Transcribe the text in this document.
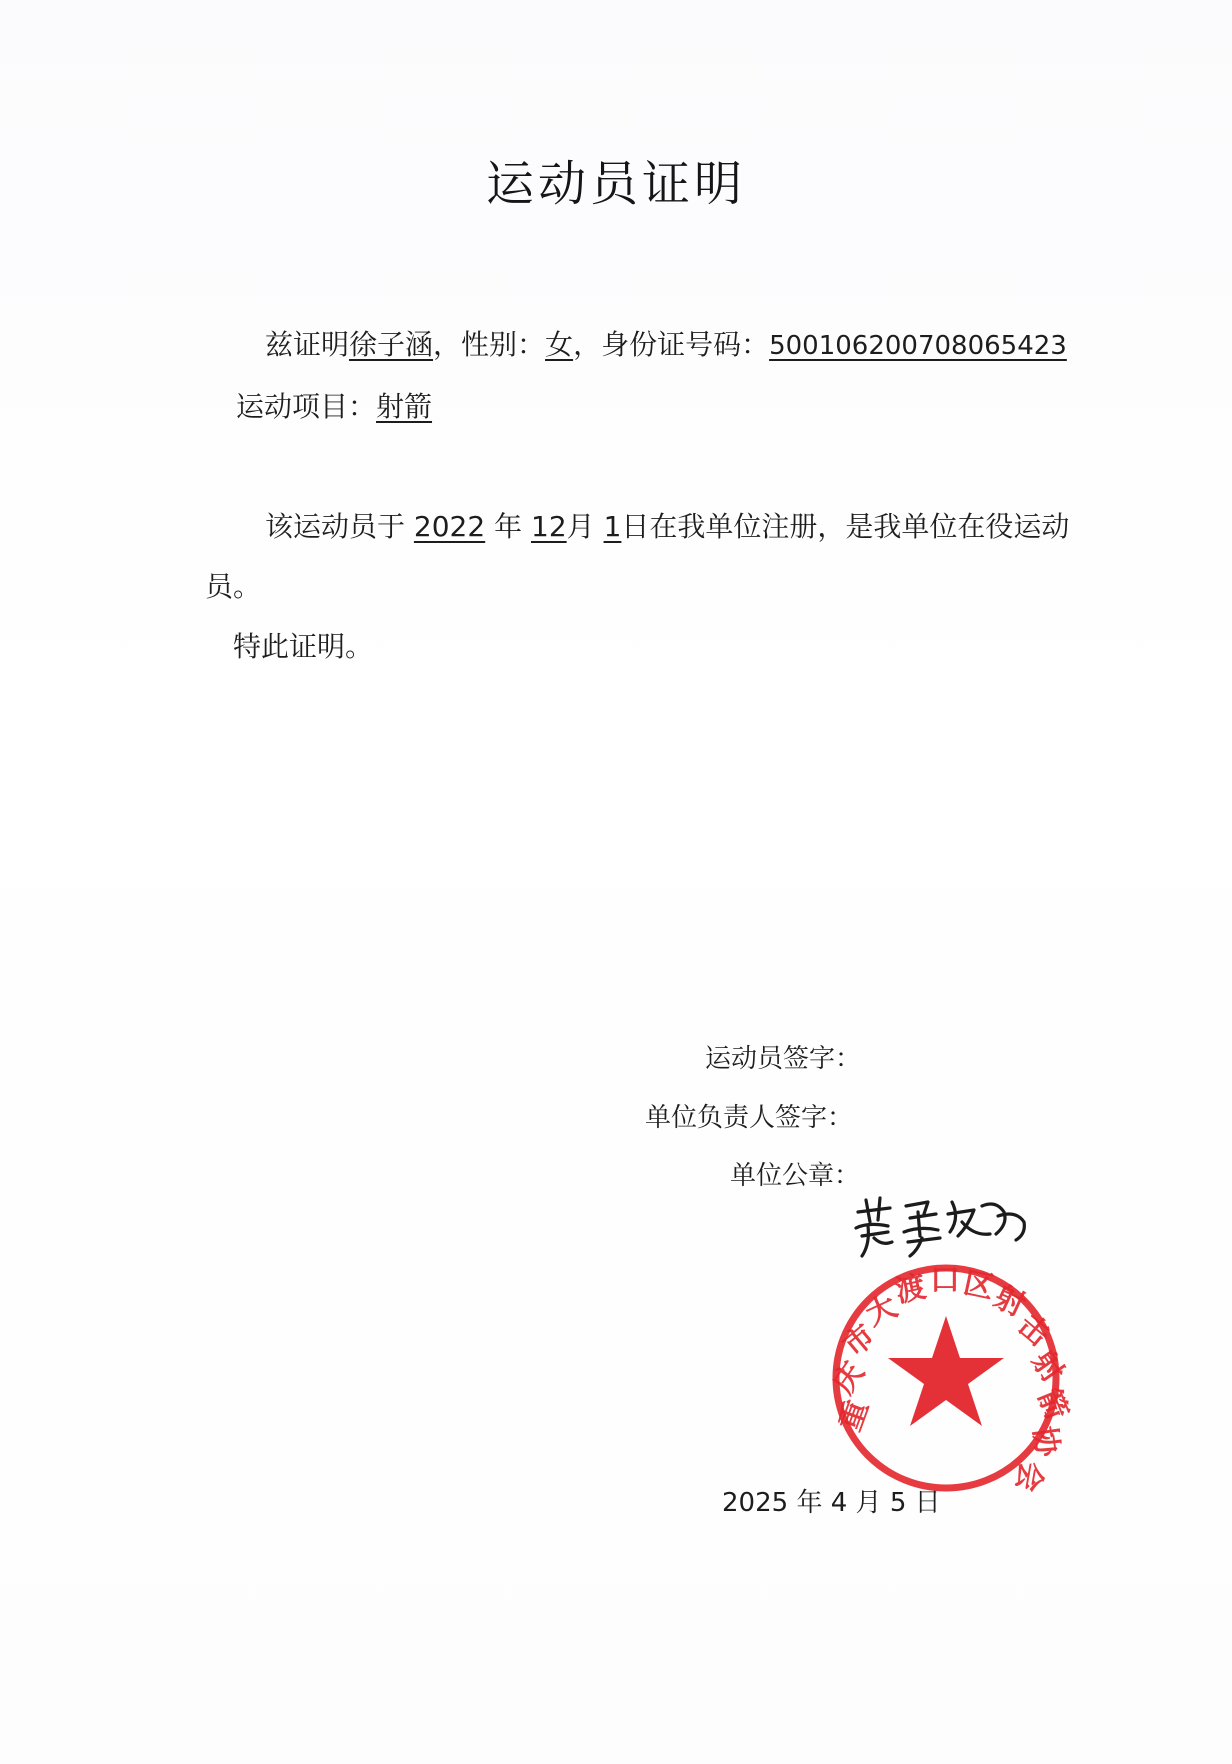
运动员证明
兹证明徐子涵，性别：女，身份证号码：500106200708065423
运动项目：射箭
该运动员于 2022 年 12月 1日在我单位注册，是我单位在役运动
员。
特此证明。
运动员签字：
单位负责人签字：
单位公章：
重
庆
市
大
渡 口 区
射
击
射
箭
协
会
2025 年 4 月 5 日
